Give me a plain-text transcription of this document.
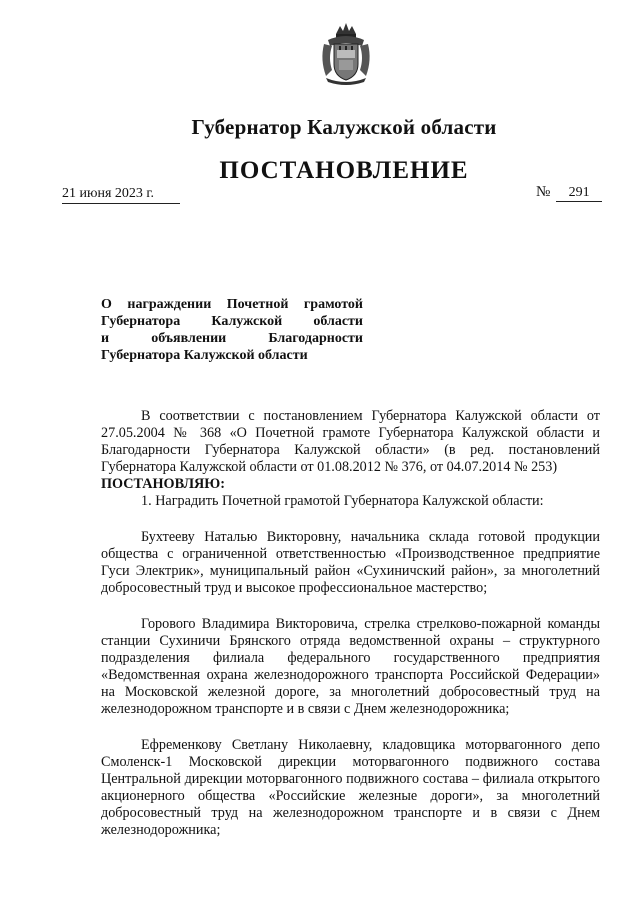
Губернатор Калужской области
ПОСТАНОВЛЕНИЕ
21 июня 2023 г.	№ 291
О награждении Почетной грамотой
Губернатора Калужской области
и объявлении Благодарности
Губернатора Калужской области

В соответствии с постановлением Губернатора Калужской области от 27.05.2004 № 368 «О Почетной грамоте Губернатора Калужской области и Благодарности Губернатора Калужской области» (в ред. постановлений Губернатора Калужской области от 01.08.2012 № 376, от 04.07.2014 № 253)

ПОСТАНОВЛЯЮ:

1. Наградить Почетной грамотой Губернатора Калужской области:

Бухтееву Наталью Викторовну, начальника склада готовой продукции общества с ограниченной ответственностью «Производственное предприятие Гуси Электрик», муниципальный район «Сухиничский район», за многолетний добросовестный труд и высокое профессиональное мастерство;

Горового Владимира Викторовича, стрелка стрелково-пожарной команды станции Сухиничи Брянского отряда ведомственной охраны – структурного подразделения филиала федерального государственного предприятия «Ведомственная охрана железнодорожного транспорта Российской Федерации» на Московской железной дороге, за многолетний добросовестный труд на железнодорожном транспорте и в связи с Днем железнодорожника;

Ефременкову Светлану Николаевну, кладовщика моторвагонного депо Смоленск-1 Московской дирекции моторвагонного подвижного состава Центральной дирекции моторвагонного подвижного состава – филиала открытого акционерного общества «Российские железные дороги», за многолетний добросовестный труд на железнодорожном транспорте и в связи с Днем железнодорожника;
